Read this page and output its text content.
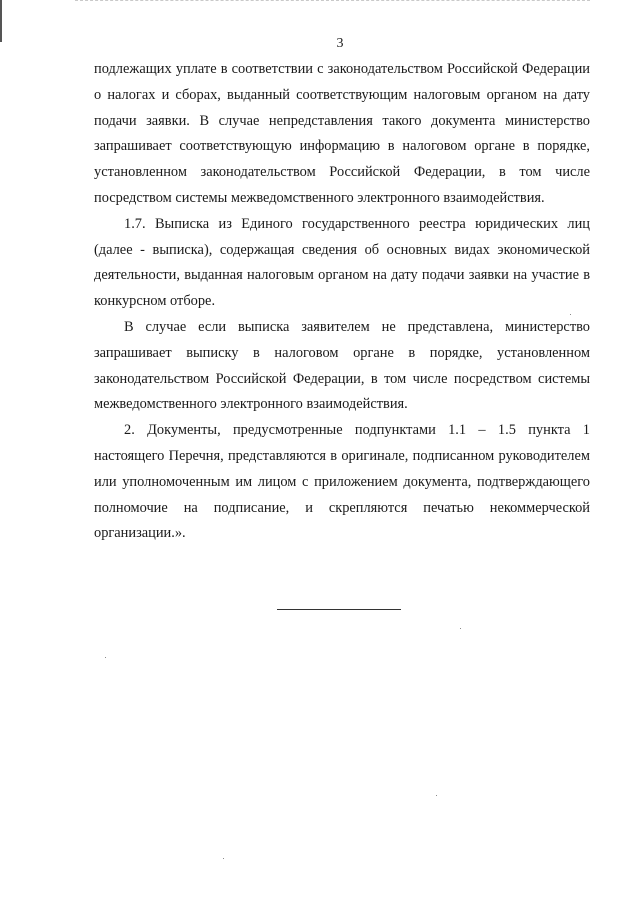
3

подлежащих уплате в соответствии с законодательством Российской Федерации о налогах и сборах, выданный соответствующим налоговым органом на дату подачи заявки. В случае непредставления такого документа министерство запрашивает соответствующую информацию в налоговом органе в порядке, установленном законодательством Российской Федерации, в том числе посредством системы межведомственного электронного взаимодействия.

1.7. Выписка из Единого государственного реестра юридических лиц (далее - выписка), содержащая сведения об основных видах экономической деятельности, выданная налоговым органом на дату подачи заявки на участие в конкурсном отборе.

В случае если выписка заявителем не представлена, министерство запрашивает выписку в налоговом органе в порядке, установленном законодательством Российской Федерации, в том числе посредством системы межведомственного электронного взаимодействия.

2. Документы, предусмотренные подпунктами 1.1 – 1.5 пункта 1 настоящего Перечня, представляются в оригинале, подписанном руководителем или уполномоченным им лицом с приложением документа, подтверждающего полномочие на подписание, и скрепляются печатью некоммерческой организации.».
